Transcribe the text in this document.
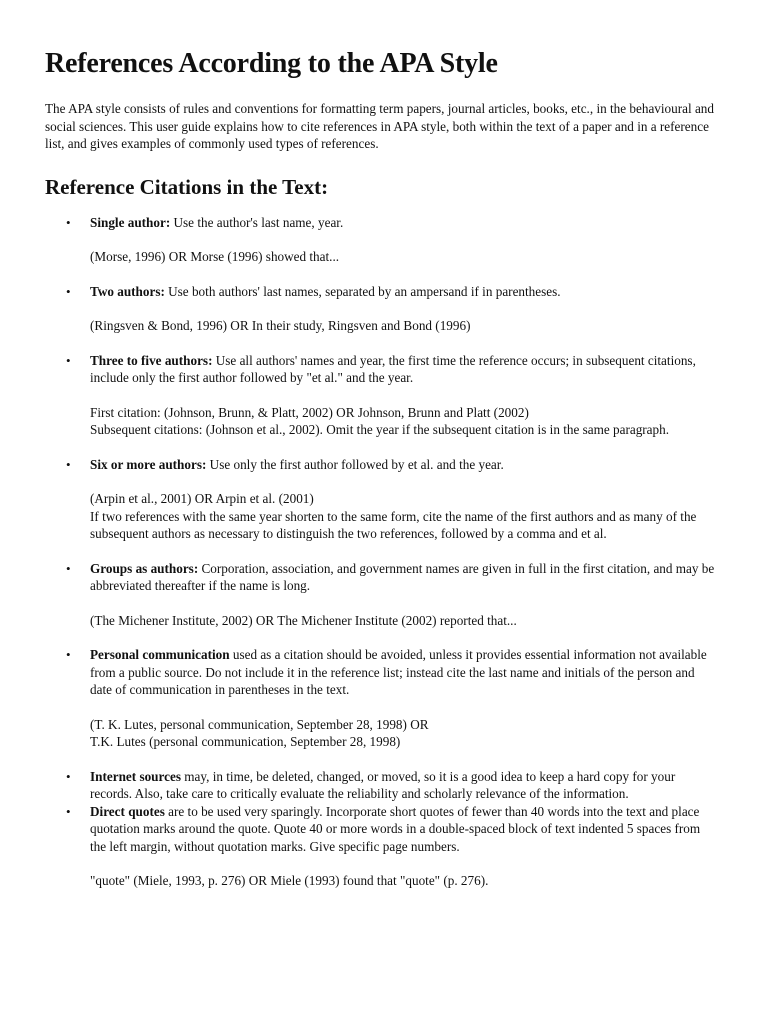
References According to the APA Style

The APA style consists of rules and conventions for formatting term papers, journal articles, books, etc., in the behavioural and social sciences. This user guide explains how to cite references in APA style, both within the text of a paper and in a reference list, and gives examples of commonly used types of references.

Reference Citations in the Text:
• Single author: Use the author's last name, year.

(Morse, 1996) OR Morse (1996) showed that...
• Two authors: Use both authors' last names, separated by an ampersand if in parentheses.

(Ringsven & Bond, 1996) OR In their study, Ringsven and Bond (1996)
• Three to five authors: Use all authors' names and year, the first time the reference occurs; in subsequent citations, include only the first author followed by "et al." and the year.

First citation: (Johnson, Brunn, & Platt, 2002) OR Johnson, Brunn and Platt (2002)
Subsequent citations: (Johnson et al., 2002). Omit the year if the subsequent citation is in the same paragraph.
• Six or more authors: Use only the first author followed by et al. and the year.

(Arpin et al., 2001) OR Arpin et al. (2001)
If two references with the same year shorten to the same form, cite the name of the first authors and as many of the subsequent authors as necessary to distinguish the two references, followed by a comma and et al.
• Groups as authors: Corporation, association, and government names are given in full in the first citation, and may be abbreviated thereafter if the name is long.

(The Michener Institute, 2002) OR The Michener Institute (2002) reported that...
• Personal communication used as a citation should be avoided, unless it provides essential information not available from a public source. Do not include it in the reference list; instead cite the last name and initials of the person and date of communication in parentheses in the text.

(T. K. Lutes, personal communication, September 28, 1998) OR
T.K. Lutes (personal communication, September 28, 1998)
• Internet sources may, in time, be deleted, changed, or moved, so it is a good idea to keep a hard copy for your records. Also, take care to critically evaluate the reliability and scholarly relevance of the information.

• Direct quotes are to be used very sparingly. Incorporate short quotes of fewer than 40 words into the text and place quotation marks around the quote. Quote 40 or more words in a double-spaced block of text indented 5 spaces from the left margin, without quotation marks. Give specific page numbers.

"quote" (Miele, 1993, p. 276) OR Miele (1993) found that "quote" (p. 276).
